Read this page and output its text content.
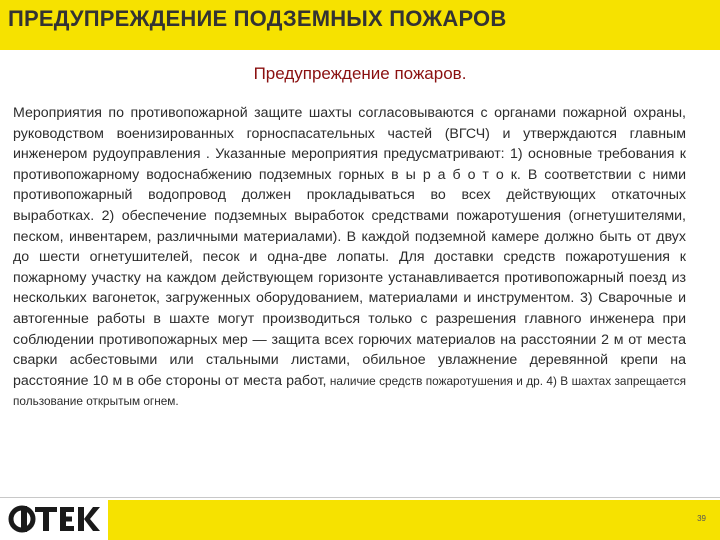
ПРЕДУПРЕЖДЕНИЕ ПОДЗЕМНЫХ ПОЖАРОВ
Предупреждение пожаров.
Мероприятия по противопожарной защите шахты согласовываются с органами пожарной охраны, руководством военизированных горноспасательных частей (ВГСЧ) и утверждаются главным инженером рудоуправления . Указанные мероприятия предусматривают: 1) основные требования к противопожарному водоснабжению подземных горных в ы р а б о т о к. В соответствии с ними противопожарный водопровод должен прокладываться во всех действующих откаточных выработках. 2) обеспечение подземных выработок средствами пожаротушения (огнетушителями, песком, инвентарем, различными материалами). В каждой подземной камере должно быть от двух до шести огнетушителей, песок и одна-две лопаты. Для доставки средств пожаротушения к пожарному участку на каждом действующем горизонте устанавливается противопожарный поезд из нескольких вагонеток, загруженных оборудованием, материалами и инструментом. 3) Сварочные и автогенные работы в шахте могут производиться только с разрешения главного инженера при соблюдении противопожарных мер — защита всех горючих материалов на расстоянии 2 м от места сварки асбестовыми или стальными листами, обильное увлажнение деревянной крепи на расстояние 10 м в обе стороны от места работ, наличие средств пожаротушения и др. 4) В шахтах запрещается пользование открытым огнем.
39
